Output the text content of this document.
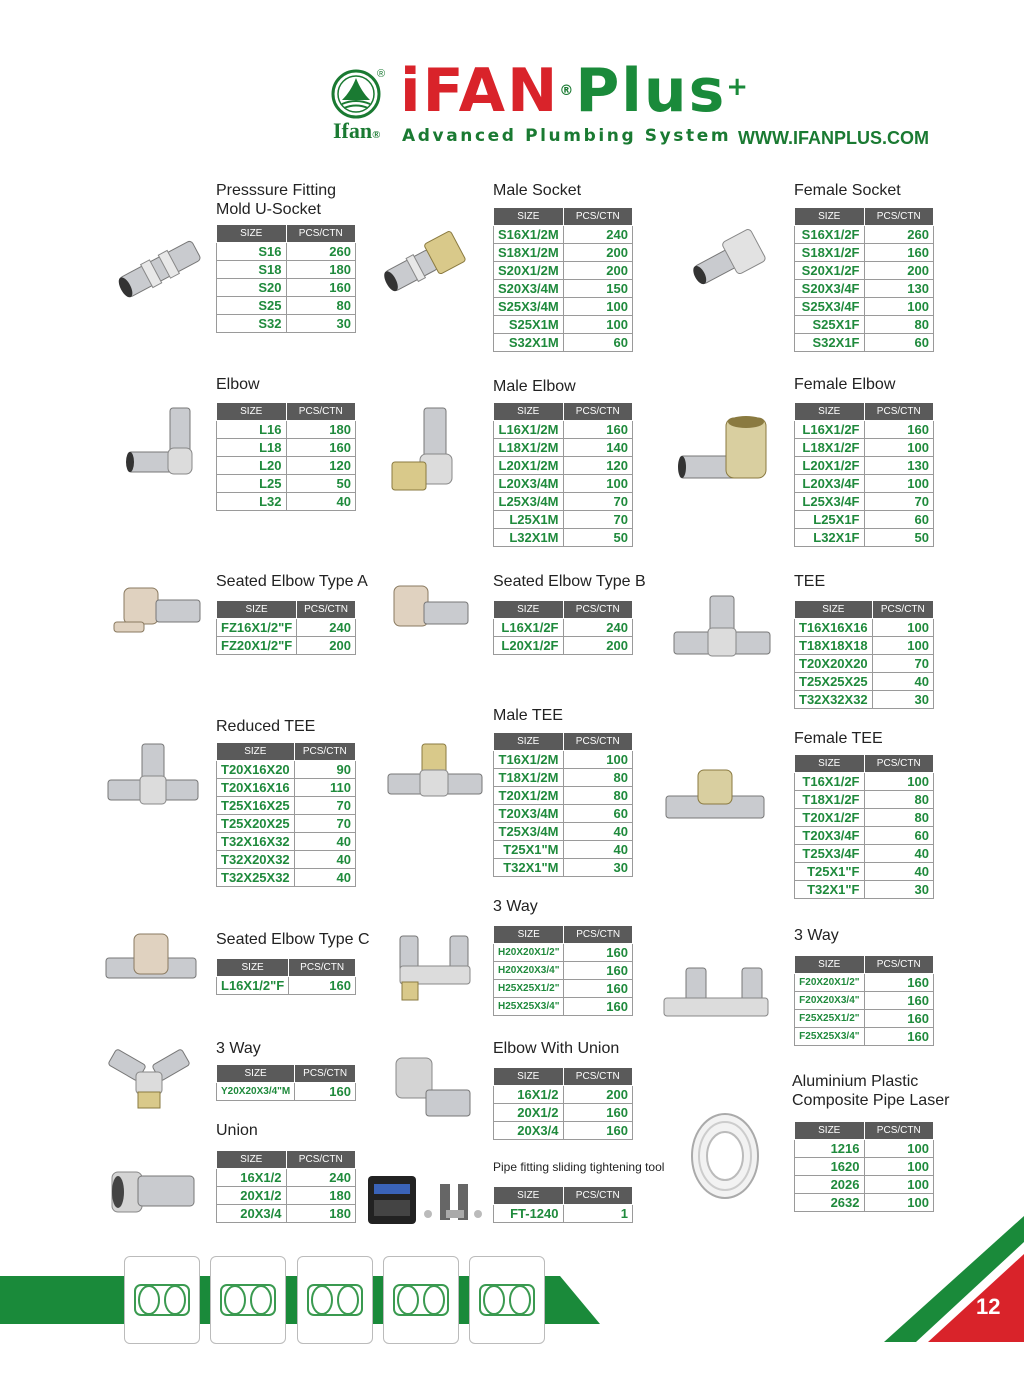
®
Ifan®
iFAN®Plus+
Advanced Plumbing System WWW.IFANPLUS.COM
Presssure Fitting
Mold U-Socket
SIZE	PCS/CTN
S16	260
S18	180
S20	160
S25	80
S32	30
Male Socket
SIZE	PCS/CTN
S16X1/2M	240
S18X1/2M	200
S20X1/2M	200
S20X3/4M	150
S25X3/4M	100
S25X1M	100
S32X1M	60
Female Socket
SIZE	PCS/CTN
S16X1/2F	260
S18X1/2F	160
S20X1/2F	200
S20X3/4F	130
S25X3/4F	100
S25X1F	80
S32X1F	60
Elbow
SIZE	PCS/CTN
L16	180
L18	160
L20	120
L25	50
L32	40
Male Elbow
SIZE	PCS/CTN
L16X1/2M	160
L18X1/2M	140
L20X1/2M	120
L20X3/4M	100
L25X3/4M	70
L25X1M	70
L32X1M	50
Female Elbow
SIZE	PCS/CTN
L16X1/2F	160
L18X1/2F	100
L20X1/2F	130
L20X3/4F	100
L25X3/4F	70
L25X1F	60
L32X1F	50
Seated Elbow Type A
SIZE	PCS/CTN
FZ16X1/2"F	240
FZ20X1/2"F	200
Seated Elbow Type B
SIZE	PCS/CTN
L16X1/2F	240
L20X1/2F	200
TEE
SIZE	PCS/CTN
T16X16X16	100
T18X18X18	100
T20X20X20	70
T25X25X25	40
T32X32X32	30
Reduced TEE
SIZE	PCS/CTN
T20X16X20	90
T20X16X16	110
T25X16X25	70
T25X20X25	70
T32X16X32	40
T32X20X32	40
T32X25X32	40
Male TEE
SIZE	PCS/CTN
T16X1/2M	100
T18X1/2M	80
T20X1/2M	80
T20X3/4M	60
T25X3/4M	40
T25X1"M	40
T32X1"M	30
Female TEE
SIZE	PCS/CTN
T16X1/2F	100
T18X1/2F	80
T20X1/2F	80
T20X3/4F	60
T25X3/4F	40
T25X1"F	40
T32X1"F	30
Seated Elbow Type C
SIZE	PCS/CTN
L16X1/2"F	160
3 Way
SIZE	PCS/CTN
H20X20X1/2"	160
H20X20X3/4"	160
H25X25X1/2"	160
H25X25X3/4"	160
3 Way
SIZE	PCS/CTN
F20X20X1/2"	160
F20X20X3/4"	160
F25X25X1/2"	160
F25X25X3/4"	160
3 Way
SIZE	PCS/CTN
Y20X20X3/4"M	160
Elbow With Union
SIZE	PCS/CTN
16X1/2	200
20X1/2	160
20X3/4	160
Aluminium Plastic
Composite Pipe Laser
SIZE	PCS/CTN
1216	100
1620	100
2026	100
2632	100
Union
SIZE	PCS/CTN
16X1/2	240
20X1/2	180
20X3/4	180
Pipe fitting sliding tightening tool
SIZE	PCS/CTN
FT-1240	1
12
